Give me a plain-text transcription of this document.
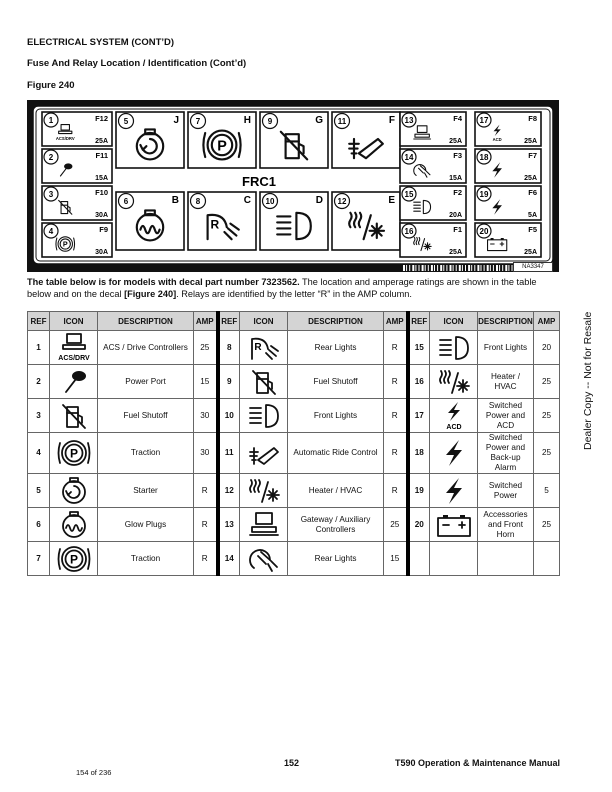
ELECTRICAL SYSTEM (CONT’D)
Fuse And Relay Location / Identification (Cont’d)
Figure 240
1	F12
25A
ACS/DRV
2	F11
15A
3	F10
30A
4	F9
30A
P
5	J
6	B
7	H
P
8	C
R
9	G
10	D
11	F
12	E
FRC1
13	F4
25A
17	F8
25A
ACD
14	F3
15A
18	F7
25A
15	F2
20A
19	F6
5A
16	F1
25A
20	F5
25A
NA3347
The table below is for models with decal part number 7323562. The location and amperage ratings are shown in the table below and on the decal [Figure 240]. Relays are identified by the letter “R” in the AMP column.
REF	ICON	DESCRIPTION	AMP	REF	ICON	DESCRIPTION	AMP	REF	ICON	DESCRIPTION	AMP
1	ACS/DRV	ACS / Drive Controllers	25	8	R	Rear Lights	R	15		Front Lights	20
2		Power Port	15	9		Fuel Shutoff	R	16		Heater / HVAC	25
3		Fuel Shutoff	30	10		Front Lights	R	17	ACD	Switched Power and ACD	25
4	P	Traction	30	11		Automatic Ride Control	R	18		Switched Power and Back-up Alarm	25
5		Starter	R	12		Heater / HVAC	R	19		Switched Power	5
6		Glow Plugs	R	13		Gateway / Auxiliary Controllers	25	20		Accessories and Front Horn	25
7	P	Traction	R	14		Rear Lights	15				
Dealer Copy -- Not for Resale
152	T590 Operation & Maintenance Manual
154 of 236
